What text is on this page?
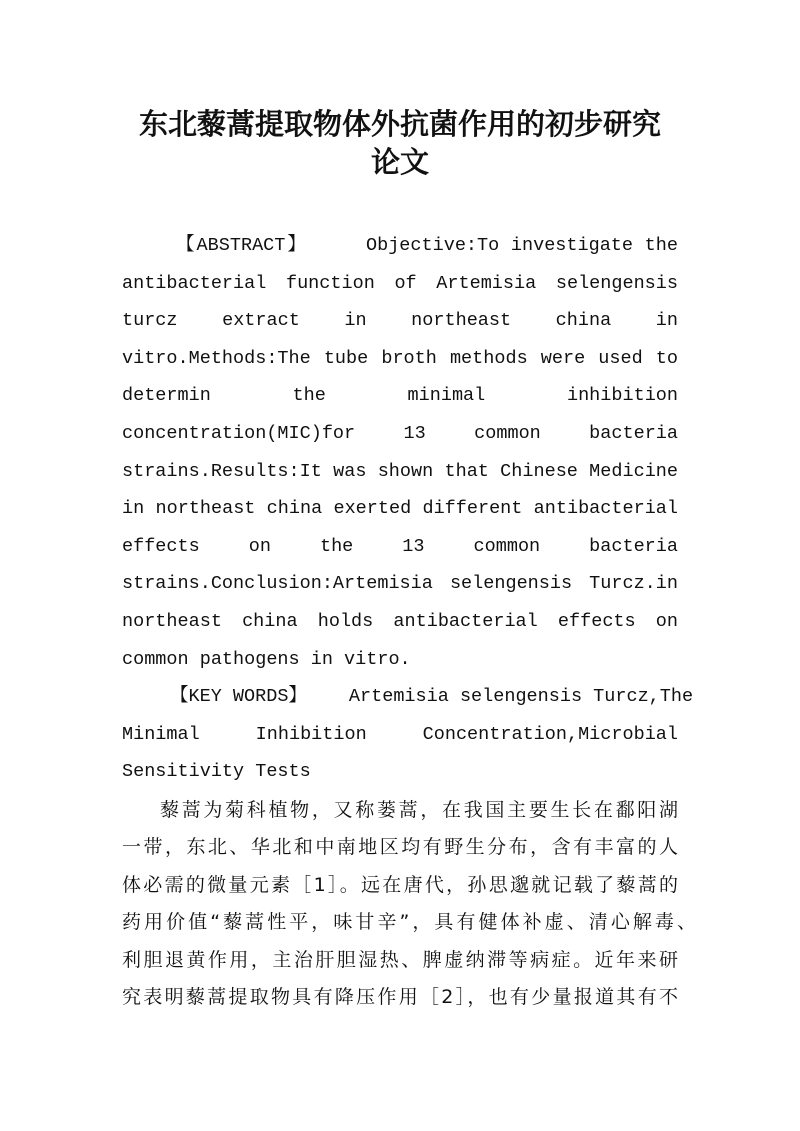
东北藜蒿提取物体外抗菌作用的初步研究
论文
【ABSTRACT】	Objective:To investigate the
antibacterial function of Artemisia selengensis
turcz extract in northeast china in
vitro.Methods:The tube broth methods were used to
determin the minimal inhibition
concentration(MIC)for 13 common bacteria
strains.Results:It was shown that Chinese Medicine
in northeast china exerted different antibacterial
effects on the 13 common bacteria
strains.Conclusion:Artemisia selengensis Turcz.in
northeast china holds antibacterial effects on
common pathogens in vitro.
【KEY WORDS】 Artemisia selengensis Turcz,The
Minimal Inhibition Concentration,Microbial
Sensitivity Tests
藜蒿为菊科植物，又称蒌蒿，在我国主要生长在鄱阳湖
一带，东北、华北和中南地区均有野生分布，含有丰富的人
体必需的微量元素［1］。远在唐代，孙思邈就记载了藜蒿的
药用价值“藜蒿性平，味甘辛”，具有健体补虚、清心解毒、
利胆退黄作用，主治肝胆湿热、脾虚纳滞等病症。近年来研
究表明藜蒿提取物具有降压作用［2］，也有少量报道其有不
